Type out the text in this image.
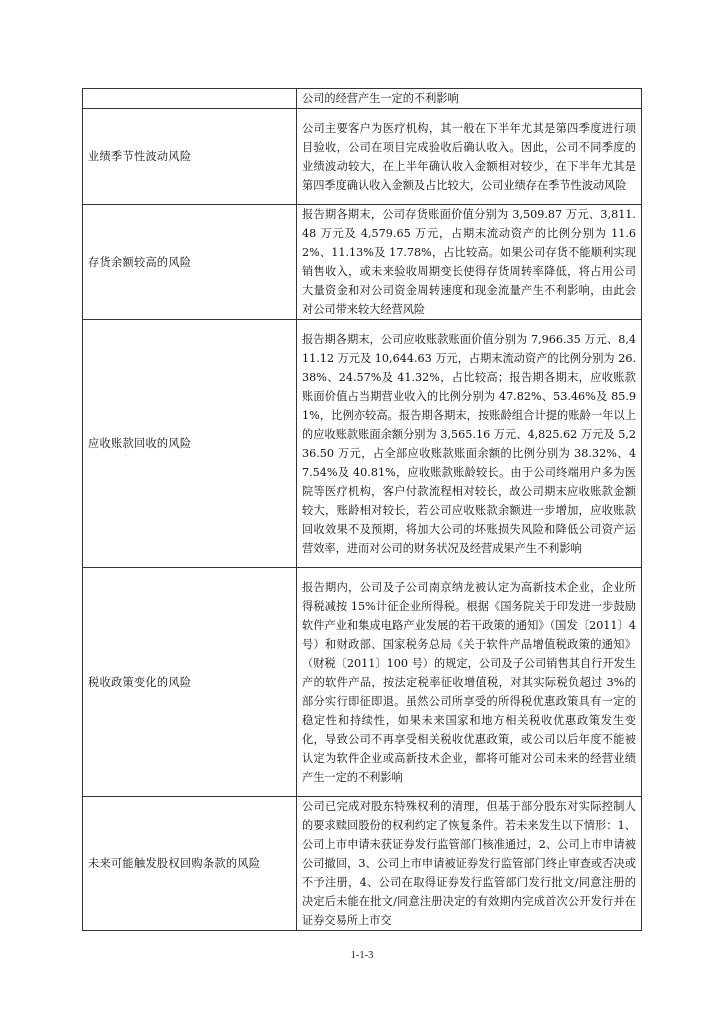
	公司的经营产生一定的不利影响
业绩季节性波动风险	公司主要客户为医疗机构，其一般在下半年尤其是第四季度进行项目验收，公司在项目完成验收后确认收入。因此，公司不同季度的业绩波动较大，在上半年确认收入金额相对较少，在下半年尤其是第四季度确认收入金额及占比较大，公司业绩存在季节性波动风险
存货余额较高的风险	报告期各期末，公司存货账面价值分别为 3,509.87 万元、3,811.48 万元及 4,579.65 万元，占期末流动资产的比例分别为 11.62%、11.13%及 17.78%，占比较高。如果公司存货不能顺利实现销售收入，或未来验收周期变长使得存货周转率降低，将占用公司大量资金和对公司资金周转速度和现金流量产生不利影响，由此会对公司带来较大经营风险
应收账款回收的风险	报告期各期末，公司应收账款账面价值分别为 7,966.35 万元、8,411.12 万元及 10,644.63 万元，占期末流动资产的比例分别为 26.38%、24.57%及 41.32%，占比较高；报告期各期末，应收账款账面价值占当期营业收入的比例分别为 47.82%、53.46%及 85.91%，比例亦较高。报告期各期末，按账龄组合计提的账龄一年以上的应收账款账面余额分别为 3,565.16 万元、4,825.62 万元及 5,236.50 万元，占全部应收账款账面余额的比例分别为 38.32%、47.54%及 40.81%，应收账款账龄较长。由于公司终端用户多为医院等医疗机构，客户付款流程相对较长，故公司期末应收账款金额较大，账龄相对较长，若公司应收账款余额进一步增加，应收账款回收效果不及预期，将加大公司的坏账损失风险和降低公司资产运营效率，进而对公司的财务状况及经营成果产生不利影响
税收政策变化的风险	报告期内，公司及子公司南京纳龙被认定为高新技术企业，企业所得税减按 15%计征企业所得税。根据《国务院关于印发进一步鼓励软件产业和集成电路产业发展的若干政策的通知》（国发〔2011〕4 号）和财政部、国家税务总局《关于软件产品增值税政策的通知》（财税〔2011〕100 号）的规定，公司及子公司销售其自行开发生产的软件产品，按法定税率征收增值税，对其实际税负超过 3%的部分实行即征即退。虽然公司所享受的所得税优惠政策具有一定的稳定性和持续性，如果未来国家和地方相关税收优惠政策发生变化，导致公司不再享受相关税收优惠政策，或公司以后年度不能被认定为软件企业或高新技术企业，都将可能对公司未来的经营业绩产生一定的不利影响
未来可能触发股权回购条款的风险	公司已完成对股东特殊权利的清理，但基于部分股东对实际控制人的要求赎回股份的权利约定了恢复条件。若未来发生以下情形：1、公司上市申请未获证券发行监管部门核准通过，2、公司上市申请被公司撤回，3、公司上市申请被证券发行监管部门终止审查或否决或不予注册，4、公司在取得证券发行监管部门发行批文/同意注册的决定后未能在批文/同意注册决定的有效期内完成首次公开发行并在证券交易所上市交
1-1-3
